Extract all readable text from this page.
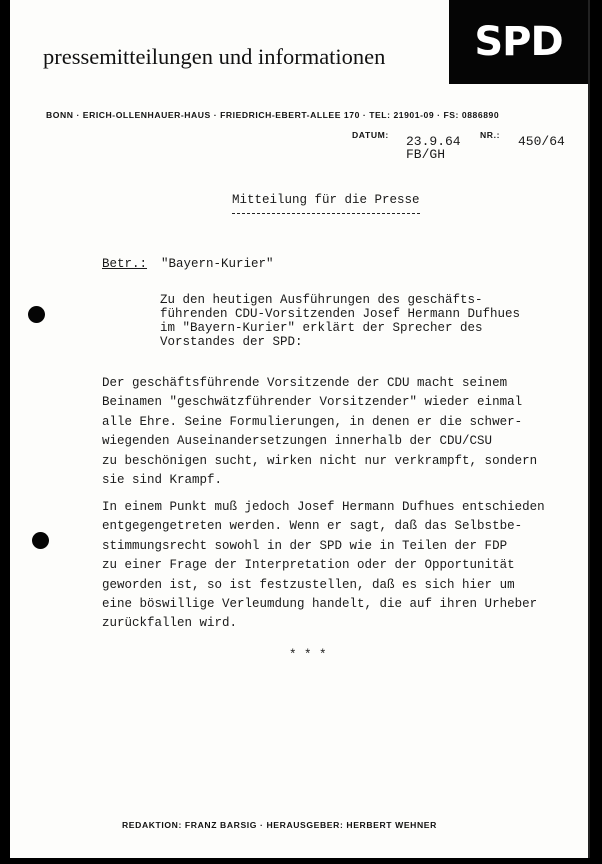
pressemitteilungen und informationen SPD
BONN · ERICH-OLLENHAUER-HAUS · FRIEDRICH-EBERT-ALLEE 170 · TEL: 21901-09 · FS: 0886890
DATUM: 23.9.64
FB/GH
NR.: 450/64
Mitteilung für die Presse
Betr.: "Bayern-Kurier"
Zu den heutigen Ausführungen des geschäfts-
führenden CDU-Vorsitzenden Josef Hermann Dufhues
im "Bayern-Kurier" erklärt der Sprecher des
Vorstandes der SPD:
Der geschäftsführende Vorsitzende der CDU macht seinem
Beinamen "geschwätzführender Vorsitzender" wieder einmal
alle Ehre. Seine Formulierungen, in denen er die schwer-
wiegenden Auseinandersetzungen innerhalb der CDU/CSU
zu beschönigen sucht, wirken nicht nur verkrampft, sondern
sie sind Krampf.
In einem Punkt muß jedoch Josef Hermann Dufhues entschieden
entgegengetreten werden. Wenn er sagt, daß das Selbstbe-
stimmungsrecht sowohl in der SPD wie in Teilen der FDP
zu einer Frage der Interpretation oder der Opportunität
geworden ist, so ist festzustellen, daß es sich hier um
eine böswillige Verleumdung handelt, die auf ihren Urheber
zurückfallen wird.
* * *
REDAKTION: FRANZ BARSIG · HERAUSGEBER: HERBERT WEHNER
